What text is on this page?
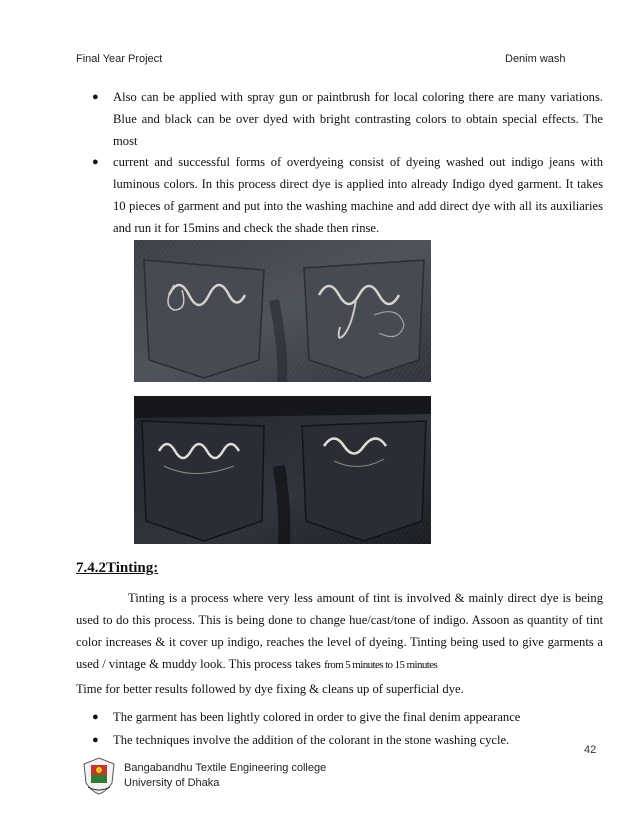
Final Year Project	Denim wash
● Also can be applied with spray gun or paintbrush for local coloring there are many variations. Blue and black can be over dyed with bright contrasting colors to obtain special effects. The most
● current and successful forms of overdyeing consist of dyeing washed out indigo jeans with luminous colors. In this process direct dye is applied into already Indigo dyed garment. It takes 10 pieces of garment and put into the washing machine and add direct dye with all its auxiliaries and run it for 15mins and check the shade then rinse.
7.4.2Tinting:
Tinting is a process where very less amount of tint is involved & mainly direct dye is being used to do this process. This is being done to change hue/cast/tone of indigo. Assoon as quantity of tint color increases & it cover up indigo, reaches the level of dyeing. Tinting being used to give garments a used / vintage & muddy look. This process takes from 5 minutes to 15 minutes
Time for better results followed by dye fixing & cleans up of superficial dye.
● The garment has been lightly colored in order to give the final denim appearance
● The techniques involve the addition of the colorant in the stone washing cycle.
42
Bangabandhu Textile Engineering college
University of Dhaka
